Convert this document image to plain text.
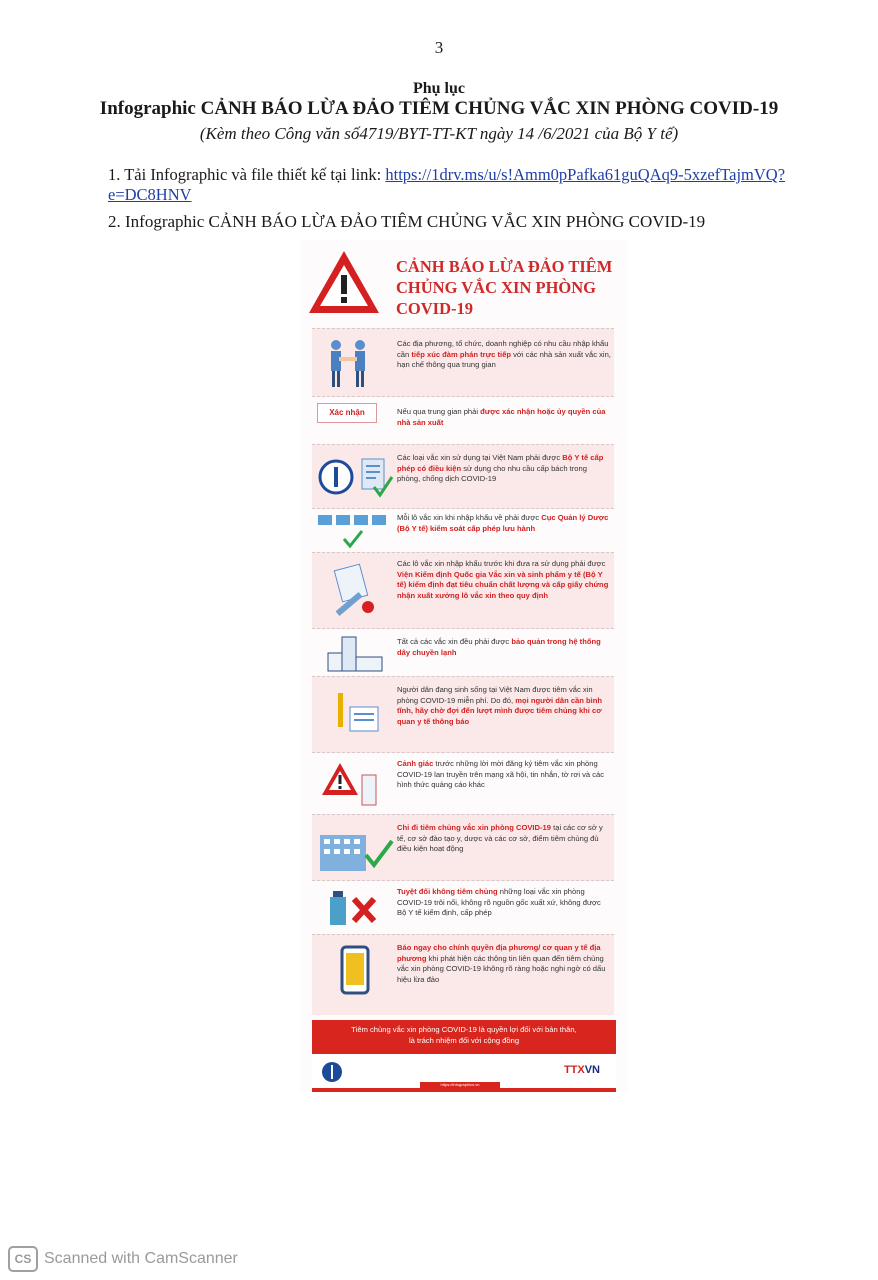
3
Phụ lục
Infographic CẢNH BÁO LỪA ĐẢO TIÊM CHỦNG VẮC XIN PHÒNG COVID-19
(Kèm theo Công văn số4719/BYT-TT-KT ngày 14 /6/2021 của Bộ Y tế)
1. Tải Infographic và file thiết kế tại link: https://1drv.ms/u/s!Amm0pPafka61guQAq9-5xzefTajmVQ?e=DC8HNV
2. Infographic CẢNH BÁO LỪA ĐẢO TIÊM CHỦNG VẮC XIN PHÒNG COVID-19
CẢNH BÁO LỪA ĐẢO TIÊM CHỦNG VẮC XIN PHÒNG COVID-19
Các địa phương, tổ chức, doanh nghiệp có nhu cầu nhập khẩu cần tiếp xúc đàm phán trực tiếp với các nhà sản xuất vắc xin, hạn chế thông qua trung gian
Xác nhận	Nếu qua trung gian phải được xác nhận hoặc ủy quyền của nhà sản xuất
Các loại vắc xin sử dụng tại Việt Nam phải được Bộ Y tế cấp phép có điều kiện sử dụng cho nhu cầu cấp bách trong phòng, chống dịch COVID-19
Mỗi lô vắc xin khi nhập khẩu về phải được Cục Quản lý Dược (Bộ Y tế) kiểm soát cấp phép lưu hành
Các lô vắc xin nhập khẩu trước khi đưa ra sử dụng phải được Viện Kiểm định Quốc gia Vắc xin và sinh phẩm y tế (Bộ Y tế) kiểm định đạt tiêu chuẩn chất lượng và cấp giấy chứng nhận xuất xưởng lô vắc xin theo quy định
Tất cả các vắc xin đều phải được bảo quản trong hệ thống dây chuyền lạnh
Người dân đang sinh sống tại Việt Nam được tiêm vắc xin phòng COVID-19 miễn phí. Do đó, mọi người dân cần bình tĩnh, hãy chờ đợi đến lượt mình được tiêm chủng khi cơ quan y tế thông báo
Cảnh giác trước những lời mời đăng ký tiêm vắc xin phòng COVID-19 lan truyền trên mạng xã hội, tin nhắn, tờ rơi và các hình thức quảng cáo khác
Chỉ đi tiêm chủng vắc xin phòng COVID-19 tại các cơ sở y tế, cơ sở đào tạo y, dược và các cơ sở, điểm tiêm chủng đủ điều kiện hoạt động
Tuyệt đối không tiêm chủng những loại vắc xin phòng COVID-19 trôi nổi, không rõ nguồn gốc xuất xứ, không được Bộ Y tế kiểm định, cấp phép
Báo ngay cho chính quyền địa phương/ cơ quan y tế địa phương khi phát hiện các thông tin liên quan đến tiêm chủng vắc xin phòng COVID-19 không rõ ràng hoặc nghi ngờ có dấu hiệu lừa đảo
Tiêm chủng vắc xin phòng COVID-19 là quyền lợi đối với bản thân,
là trách nhiệm đối với cộng đồng
TTXVN
https://infographics.vn
CS Scanned with CamScanner
